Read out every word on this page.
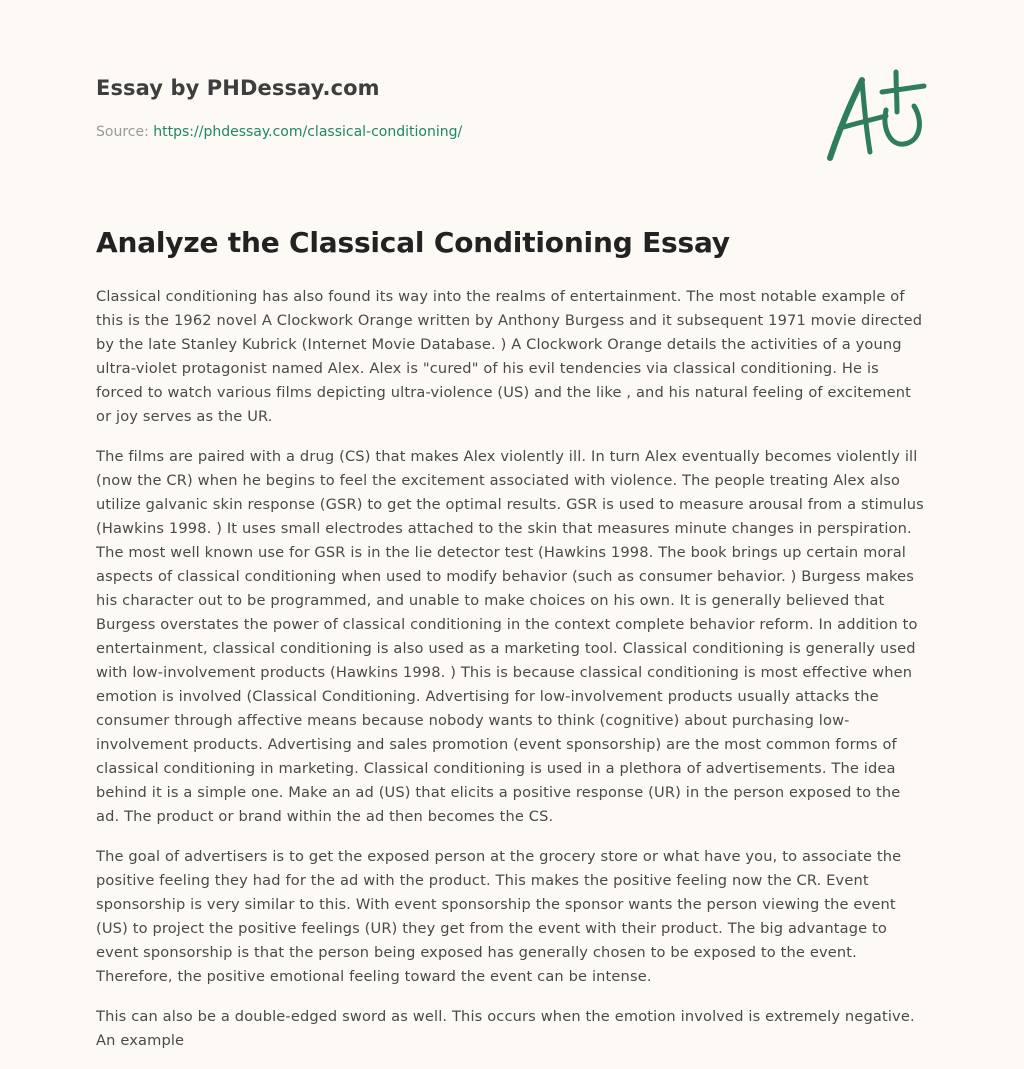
Essay by PHDessay.com
Source: https://phdessay.com/classical-conditioning/
Analyze the Classical Conditioning Essay

Classical conditioning has also found its way into the realms of entertainment. The most notable example of this is the 1962 novel A Clockwork Orange written by Anthony Burgess and it subsequent 1971 movie directed by the late Stanley Kubrick (Internet Movie Database. ) A Clockwork Orange details the activities of a young ultra-violet protagonist named Alex. Alex is "cured" of his evil tendencies via classical conditioning. He is forced to watch various films depicting ultra-violence (US) and the like , and his natural feeling of excitement or joy serves as the UR.

The films are paired with a drug (CS) that makes Alex violently ill. In turn Alex eventually becomes violently ill (now the CR) when he begins to feel the excitement associated with violence. The people treating Alex also utilize galvanic skin response (GSR) to get the optimal results. GSR is used to measure arousal from a stimulus (Hawkins 1998. ) It uses small electrodes attached to the skin that measures minute changes in perspiration. The most well known use for GSR is in the lie detector test (Hawkins 1998. The book brings up certain moral aspects of classical conditioning when used to modify behavior (such as consumer behavior. ) Burgess makes his character out to be programmed, and unable to make choices on his own. It is generally believed that Burgess overstates the power of classical conditioning in the context complete behavior reform. In addition to entertainment, classical conditioning is also used as a marketing tool. Classical conditioning is generally used with low-involvement products (Hawkins 1998. ) This is because classical conditioning is most effective when emotion is involved (Classical Conditioning. Advertising for low-involvement products usually attacks the consumer through affective means because nobody wants to think (cognitive) about purchasing low-involvement products. Advertising and sales promotion (event sponsorship) are the most common forms of classical conditioning in marketing. Classical conditioning is used in a plethora of advertisements. The idea behind it is a simple one. Make an ad (US) that elicits a positive response (UR) in the person exposed to the ad. The product or brand within the ad then becomes the CS.

The goal of advertisers is to get the exposed person at the grocery store or what have you, to associate the positive feeling they had for the ad with the product. This makes the positive feeling now the CR. Event sponsorship is very similar to this. With event sponsorship the sponsor wants the person viewing the event (US) to project the positive feelings (UR) they get from the event with their product. The big advantage to event sponsorship is that the person being exposed has generally chosen to be exposed to the event. Therefore, the positive emotional feeling toward the event can be intense.

This can also be a double-edged sword as well. This occurs when the emotion involved is extremely negative. An example
